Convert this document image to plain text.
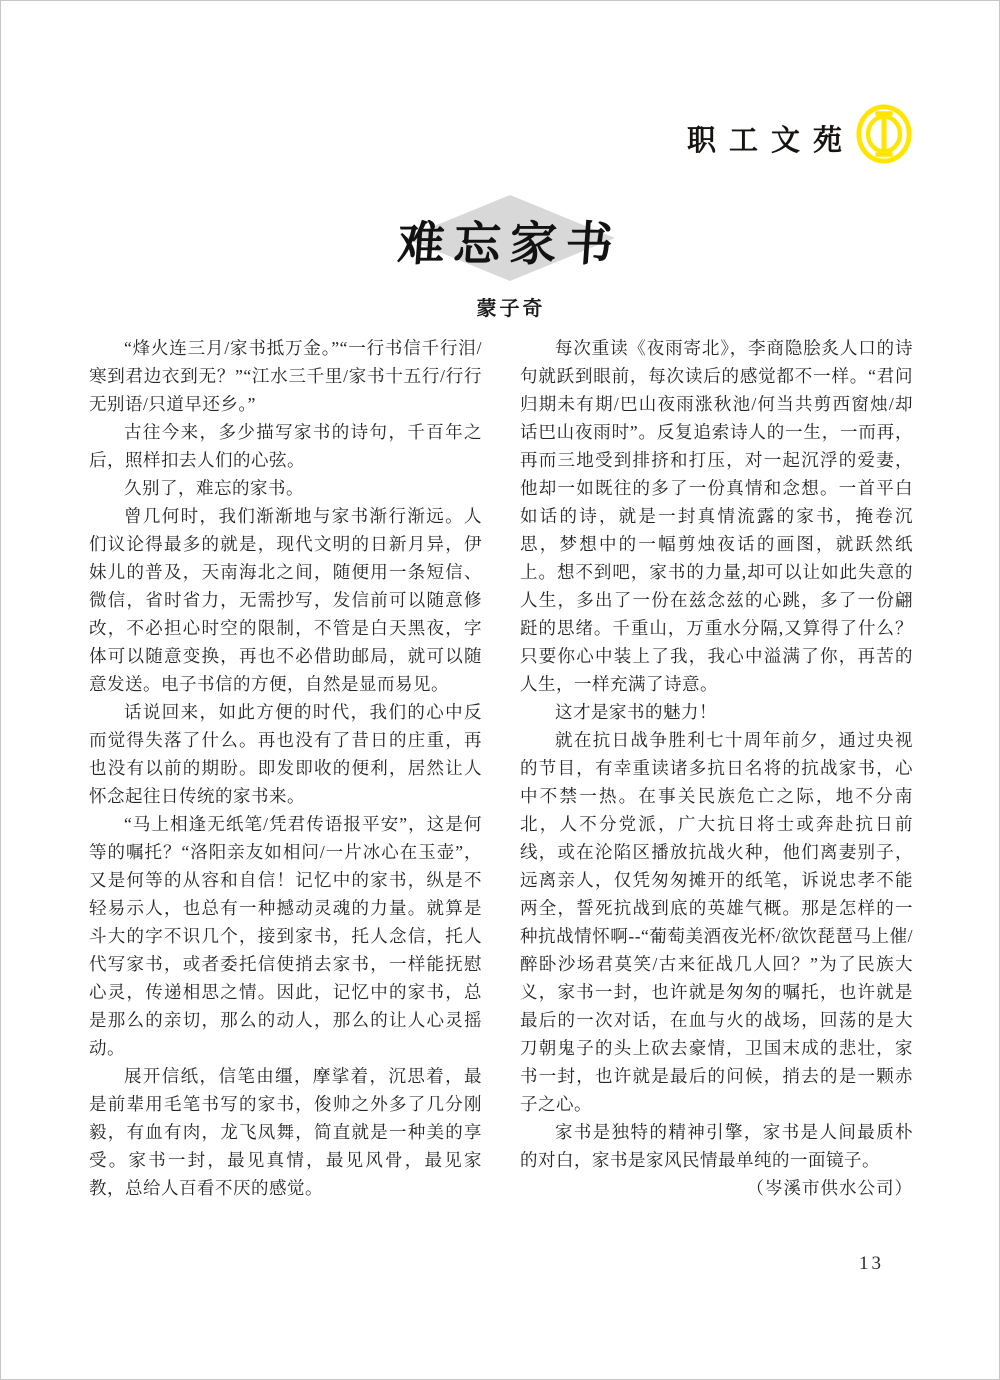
职工文苑
难忘家书
蒙子奇

“烽火连三月/家书抵万金。”“一行书信千行泪/寒到君边衣到无？”“江水三千里/家书十五行/行行无别语/只道早还乡。”

古往今来，多少描写家书的诗句，千百年之后，照样扣去人们的心弦。

久别了，难忘的家书。

曾几何时，我们渐渐地与家书渐行渐远。人们议论得最多的就是，现代文明的日新月异，伊妹儿的普及，天南海北之间，随便用一条短信、微信，省时省力，无需抄写，发信前可以随意修改，不必担心时空的限制，不管是白天黑夜，字体可以随意变换，再也不必借助邮局，就可以随意发送。电子书信的方便，自然是显而易见。

话说回来，如此方便的时代，我们的心中反而觉得失落了什么。再也没有了昔日的庄重，再也没有以前的期盼。即发即收的便利，居然让人怀念起往日传统的家书来。

“马上相逢无纸笔/凭君传语报平安”，这是何等的嘱托？“洛阳亲友如相问/一片冰心在玉壶”，又是何等的从容和自信！记忆中的家书，纵是不轻易示人，也总有一种撼动灵魂的力量。就算是斗大的字不识几个，接到家书，托人念信，托人代写家书，或者委托信使捎去家书，一样能抚慰心灵，传递相思之情。因此，记忆中的家书，总是那么的亲切，那么的动人，那么的让人心灵摇动。

展开信纸，信笔由缰，摩挲着，沉思着，最是前辈用毛笔书写的家书，俊帅之外多了几分刚毅，有血有肉，龙飞凤舞，简直就是一种美的享受。家书一封，最见真情，最见风骨，最见家教，总给人百看不厌的感觉。

每次重读《夜雨寄北》，李商隐脍炙人口的诗句就跃到眼前，每次读后的感觉都不一样。“君问归期未有期/巴山夜雨涨秋池/何当共剪西窗烛/却话巴山夜雨时”。反复追索诗人的一生，一而再，再而三地受到排挤和打压，对一起沉浮的爱妻，他却一如既往的多了一份真情和念想。一首平白如话的诗，就是一封真情流露的家书，掩卷沉思，梦想中的一幅剪烛夜话的画图，就跃然纸上。想不到吧，家书的力量,却可以让如此失意的人生，多出了一份在兹念兹的心跳，多了一份翩跹的思绪。千重山，万重水分隔,又算得了什么？只要你心中装上了我，我心中溢满了你，再苦的人生，一样充满了诗意。

这才是家书的魅力！

就在抗日战争胜利七十周年前夕，通过央视的节目，有幸重读诸多抗日名将的抗战家书，心中不禁一热。在事关民族危亡之际，地不分南北，人不分党派，广大抗日将士或奔赴抗日前线，或在沦陷区播放抗战火种，他们离妻别子，远离亲人，仅凭匆匆摊开的纸笔，诉说忠孝不能两全，誓死抗战到底的英雄气概。那是怎样的一种抗战情怀啊--“葡萄美酒夜光杯/欲饮琵琶马上催/醉卧沙场君莫笑/古来征战几人回？”为了民族大义，家书一封，也许就是匆匆的嘱托，也许就是最后的一次对话，在血与火的战场，回荡的是大刀朝鬼子的头上砍去豪情，卫国末成的悲壮，家书一封，也许就是最后的问候，捎去的是一颗赤子之心。

家书是独特的精神引擎，家书是人间最质朴的对白，家书是家风民情最单纯的一面镜子。

（岑溪市供水公司）

13
